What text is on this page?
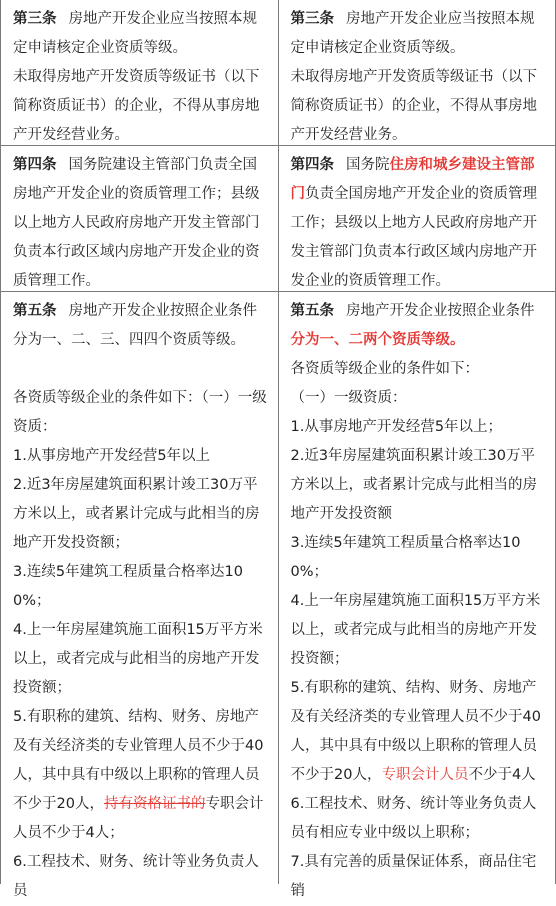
第三条 房地产开发企业应当按照本规定申请核定企业资质等级。

未取得房地产开发资质等级证书（以下简称资质证书）的企业，不得从事房地产开发经营业务。

第三条 房地产开发企业应当按照本规定申请核定企业资质等级。

未取得房地产开发资质等级证书（以下简称资质证书）的企业，不得从事房地产开发经营业务。

第四条 国务院建设主管部门负责全国房地产开发企业的资质管理工作；县级以上地方人民政府房地产开发主管部门负责本行政区域内房地产开发企业的资质管理工作。

第四条 国务院住房和城乡建设主管部门负责全国房地产开发企业的资质管理工作；县级以上地方人民政府房地产开发主管部门负责本行政区域内房地产开发企业的资质管理工作。

第五条 房地产开发企业按照企业条件分为一、二、三、四四个资质等级。

各资质等级企业的条件如下：（一）一级资质：

1.从事房地产开发经营5年以上

2.近3年房屋建筑面积累计竣工30万平方米以上，或者累计完成与此相当的房地产开发投资额；

3.连续5年建筑工程质量合格率达100%；

4.上一年房屋建筑施工面积15万平方米以上，或者完成与此相当的房地产开发投资额；

5.有职称的建筑、结构、财务、房地产及有关经济类的专业管理人员不少于40人，其中具有中级以上职称的管理人员不少于20人，持有资格证书的专职会计人员不少于4人；

6.工程技术、财务、统计等业务负责人员

第五条 房地产开发企业按照企业条件分为一、二两个资质等级。

各资质等级企业的条件如下：

（一）一级资质：

1.从事房地产开发经营5年以上；

2.近3年房屋建筑面积累计竣工30万平方米以上，或者累计完成与此相当的房地产开发投资额

3.连续5年建筑工程质量合格率达100%；

4.上一年房屋建筑施工面积15万平方米以上，或者完成与此相当的房地产开发投资额；

5.有职称的建筑、结构、财务、房地产及有关经济类的专业管理人员不少于40人，其中具有中级以上职称的管理人员不少于20人，专职会计人员不少于4人

6.工程技术、财务、统计等业务负责人员有相应专业中级以上职称；

7.具有完善的质量保证体系，商品住宅销
